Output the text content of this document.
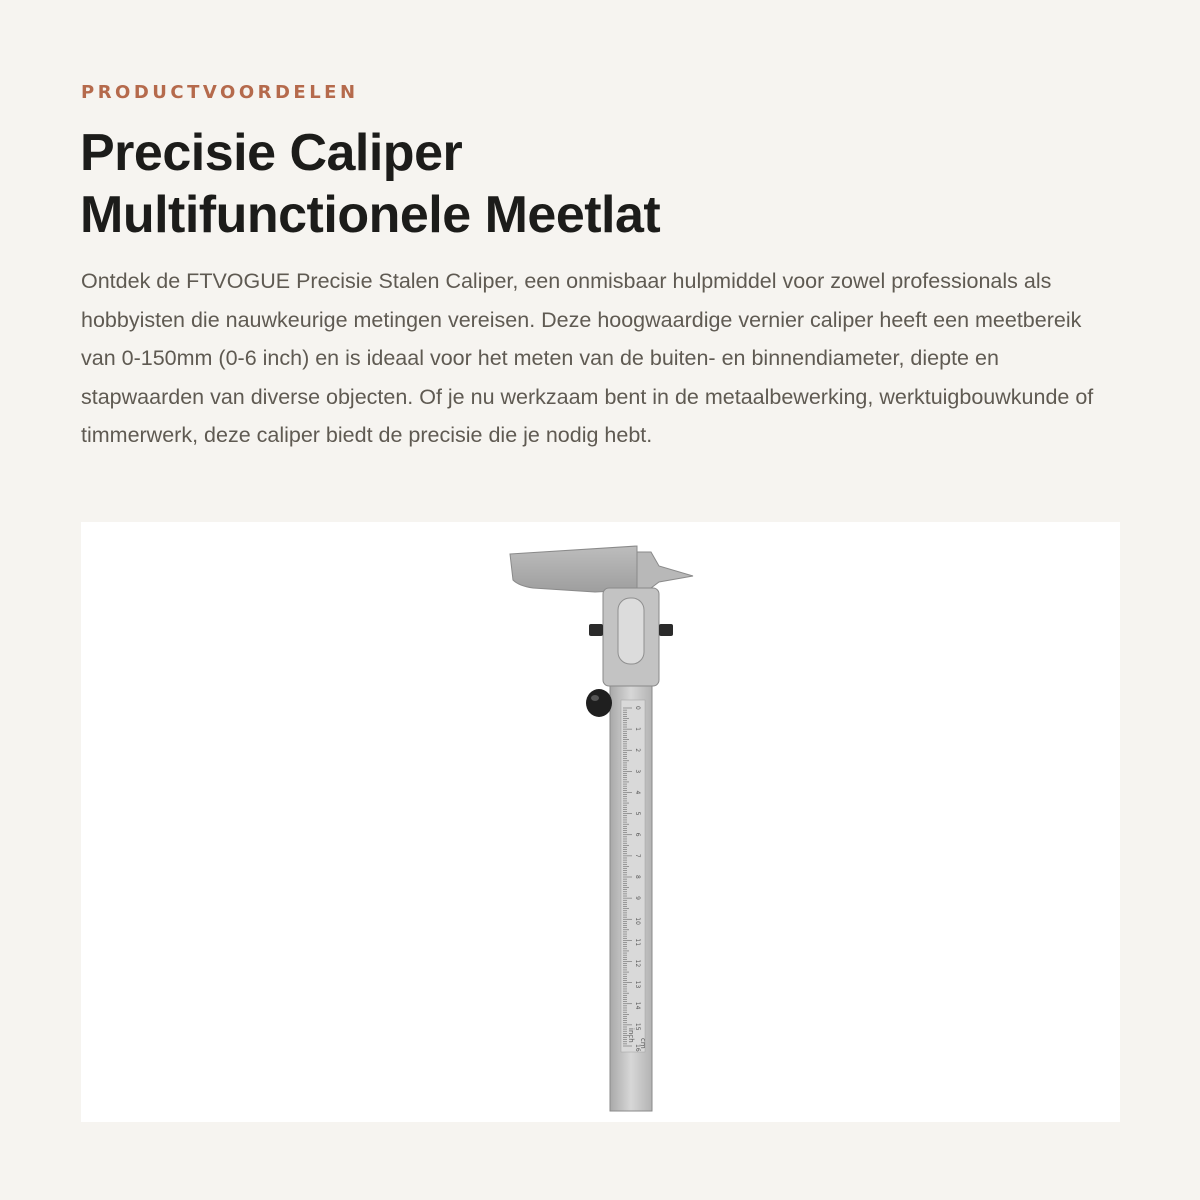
PRODUCTVOORDELEN
Precisie Caliper
Multifunctionele Meetlat

Ontdek de FTVOGUE Precisie Stalen Caliper, een onmisbaar hulpmiddel voor zowel professionals als hobbyisten die nauwkeurige metingen vereisen. Deze hoogwaardige vernier caliper heeft een meetbereik van 0-150mm (0-6 inch) en is ideaal voor het meten van de buiten- en binnendiameter, diepte en stapwaarden van diverse objecten. Of je nu werkzaam bent in de metaalbewerking, werktuigbouwkunde of timmerwerk, deze caliper biedt de precisie die je nodig hebt.

0
1
2
3
4
5
6
7
8
9
10
11
12
13
14
15
16
cm
inch
